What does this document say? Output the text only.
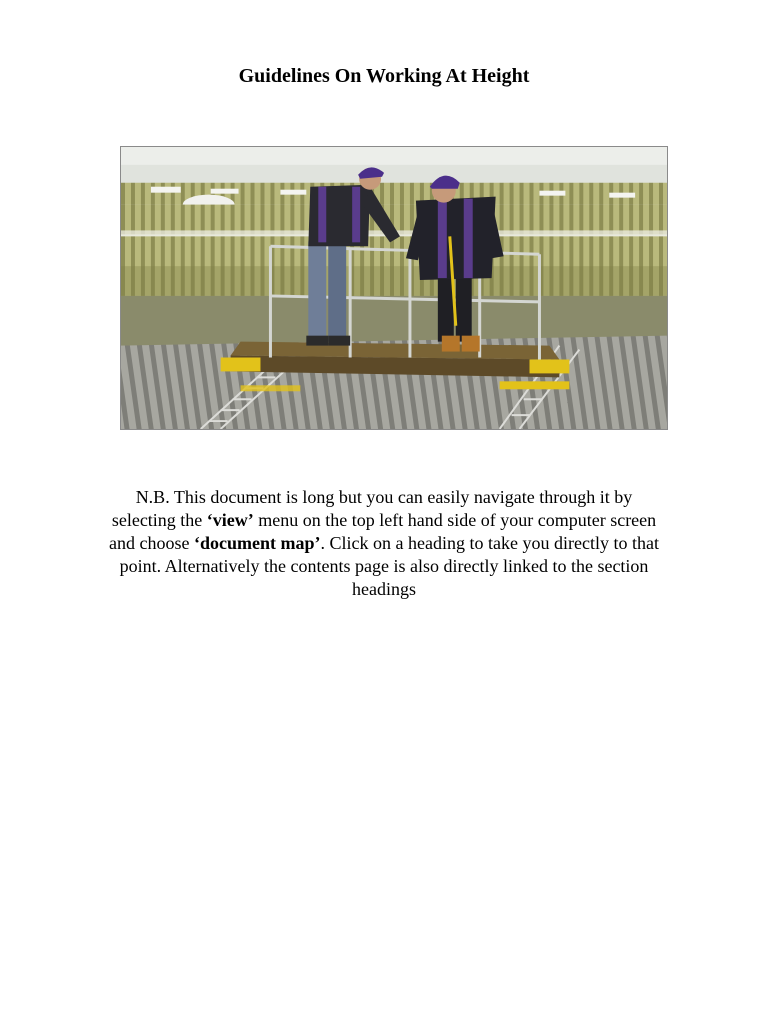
Guidelines On Working At Height
N.B. This document is long but you can easily navigate through it by selecting the ‘view’ menu on the top left hand side of your computer screen and choose ‘document map’. Click on a heading to take you directly to that point. Alternatively the contents page is also directly linked to the section headings
